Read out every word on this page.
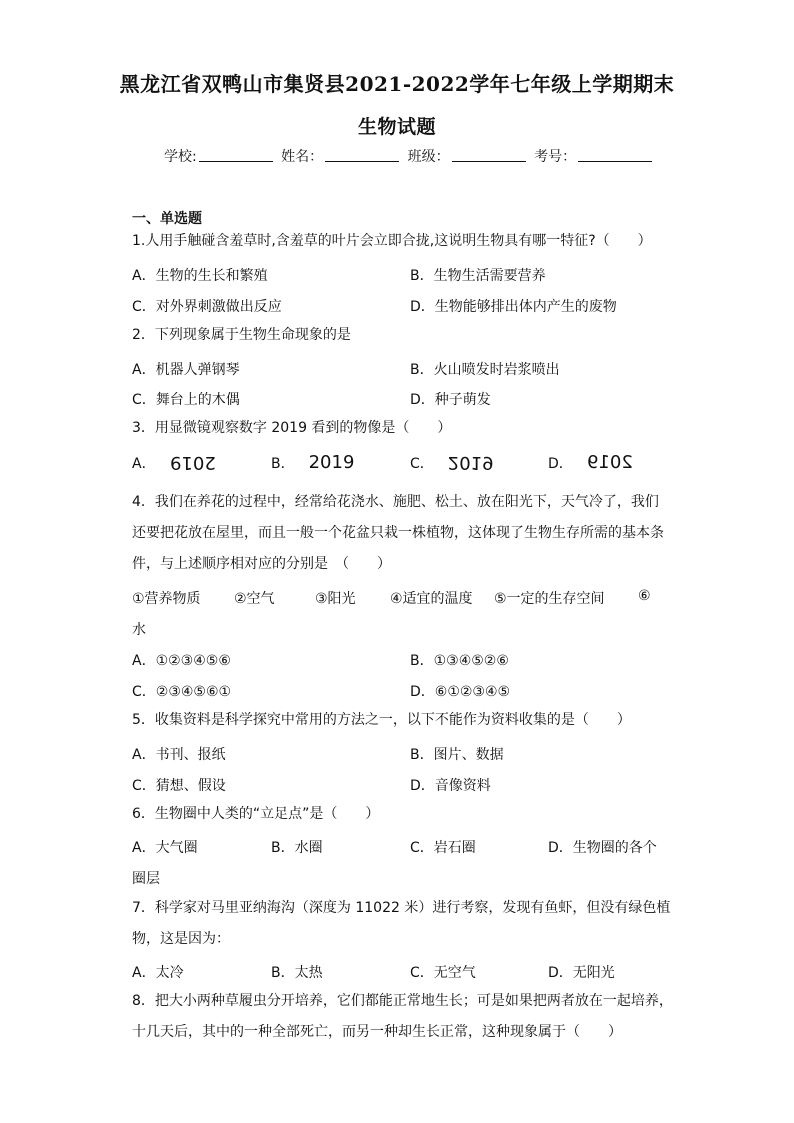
黑龙江省双鸭山市集贤县2021-2022学年七年级上学期期末
生物试题
学校:	姓名：	班级：	考号：
一、单选题
1.人用手触碰含羞草时,含羞草的叶片会立即合拢,这说明生物具有哪一特征?（　　）
A．生物的生长和繁殖	B．生物生活需要营养
C．对外界刺激做出反应	D．生物能够排出体内产生的废物
2．下列现象属于生物生命现象的是
A．机器人弹钢琴	B．火山喷发时岩浆喷出
C．舞台上的木偶	D．种子萌发
3．用显微镜观察数字 2019 看到的物像是（　　）
A． 2019	B． 2019	C． 2019	D． 2019
4．我们在养花的过程中，经常给花浇水、施肥、松土、放在阳光下，天气冷了，我们
还要把花放在屋里，而且一般一个花盆只栽一株植物，这体现了生物生存所需的基本条
件，与上述顺序相对应的分别是　（　　）
①营养物质 ②空气	③阳光 ④适宜的温度 ⑤一定的生存空间 ⑥
水
A．①②③④⑤⑥	B．①③④⑤②⑥
C．②③④⑤⑥①	D．⑥①②③④⑤
5．收集资料是科学探究中常用的方法之一，以下不能作为资料收集的是（　　）
A．书刊、报纸	B．图片、数据
C．猜想、假设	D．音像资料
6．生物圈中人类的“立足点”是（　　）
A．大气圈	B．水圈	C．岩石圈	D．生物圈的各个
圈层
7．科学家对马里亚纳海沟（深度为 11022 米）进行考察，发现有鱼虾，但没有绿色植
物，这是因为：
A．太冷	B．太热	C．无空气	D．无阳光
8．把大小两种草履虫分开培养，它们都能正常地生长；可是如果把两者放在一起培养，
十几天后，其中的一种全部死亡，而另一种却生长正常，这种现象属于（　　）
